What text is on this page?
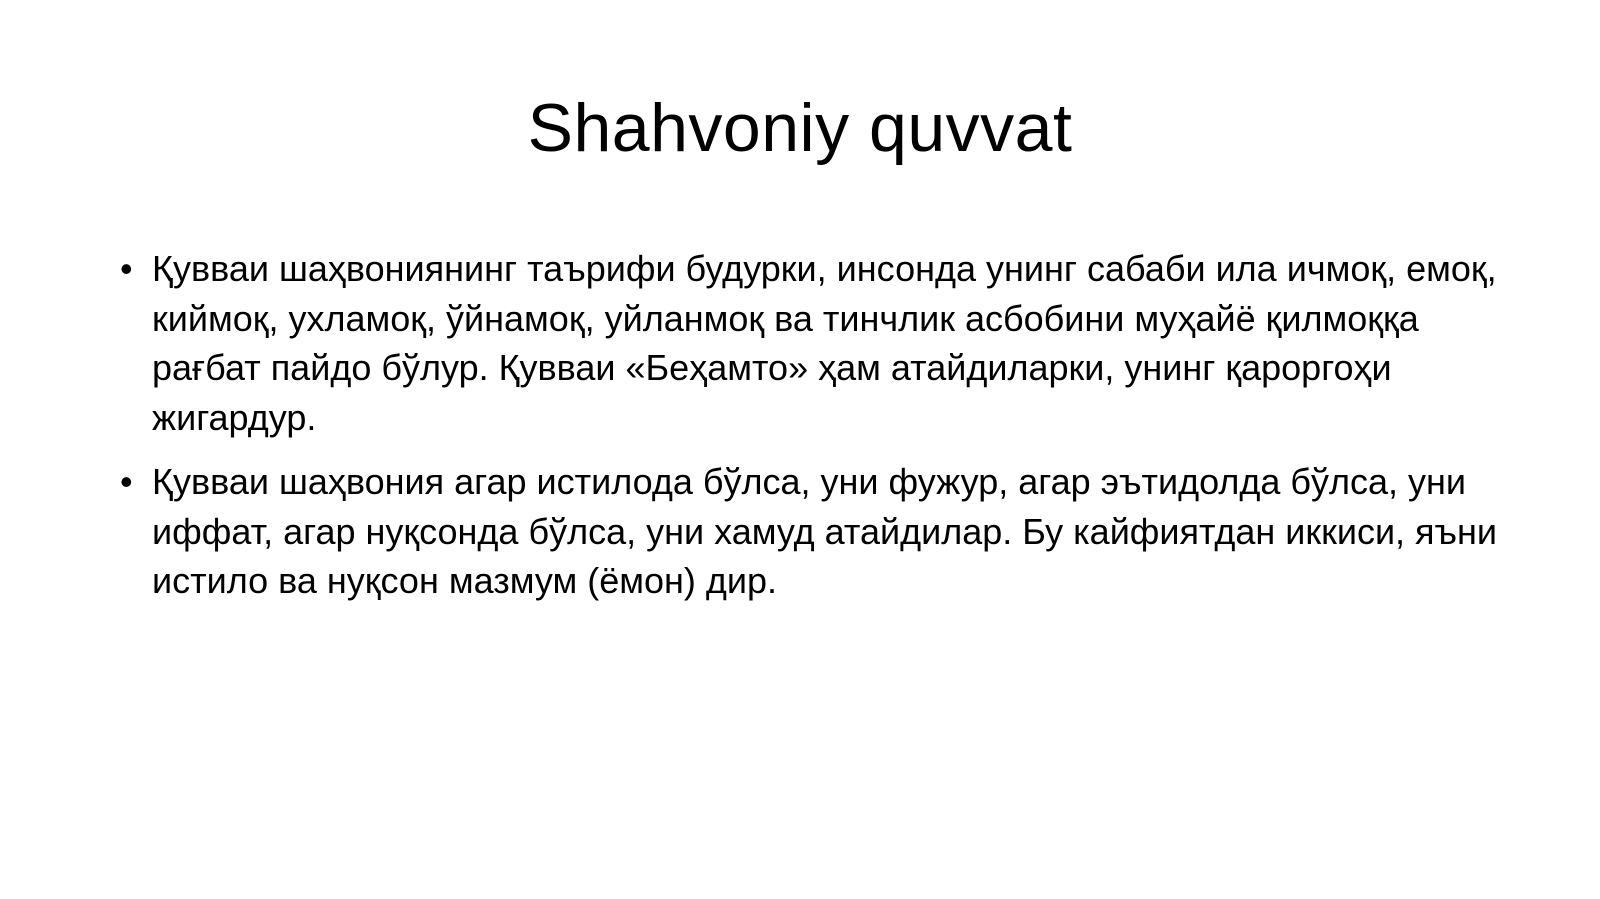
Shahvoniy quvvat
• Қувваи шаҳвониянинг таърифи будурки, инсонда унинг сабаби ила ичмоқ, емоқ, киймоқ, ухламоқ, ўйнамоқ, уйланмоқ ва тинчлик асбобини муҳайё қилмоққа рағбат пайдо бўлур. Қувваи «Беҳамто» ҳам атайдиларки, унинг қароргоҳи жигардур.
• Қувваи шаҳвония агар истилода бўлса, уни фужур, агар эътидолда бўлса, уни иффат, агар нуқсонда бўлса, уни хамуд атайдилар. Бу кайфиятдан иккиси, яъни истило ва нуқсон мазмум (ёмон) дир.
